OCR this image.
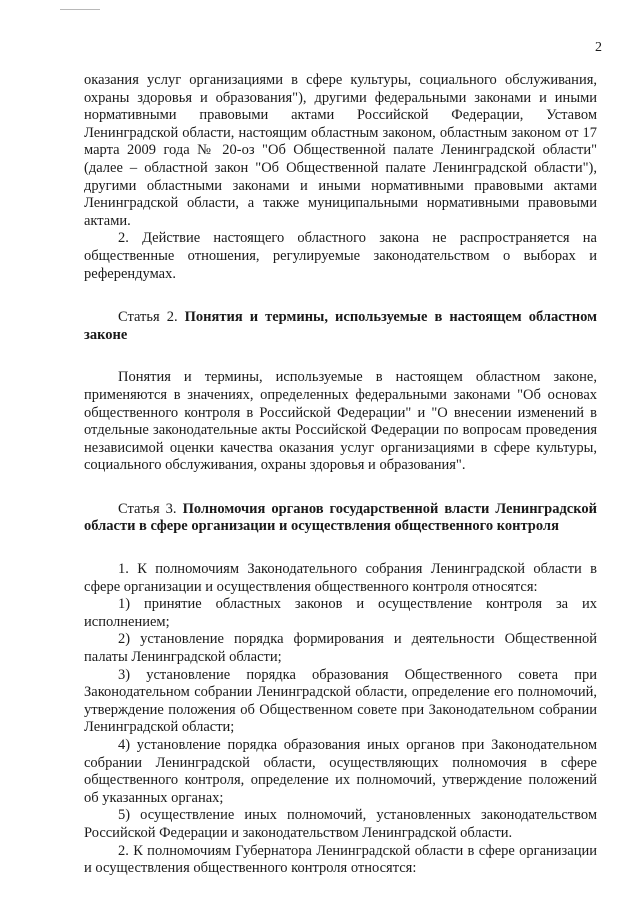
2

оказания услуг организациями в сфере культуры, социального обслуживания, охраны здоровья и образования"), другими федеральными законами и иными нормативными правовыми актами Российской Федерации, Уставом Ленинградской области, настоящим областным законом, областным законом от 17 марта 2009 года № 20-оз "Об Общественной палате Ленинградской области" (далее – областной закон "Об Общественной палате Ленинградской области"), другими областными законами и иными нормативными правовыми актами Ленинградской области, а также муниципальными нормативными правовыми актами.

2. Действие настоящего областного закона не распространяется на общественные отношения, регулируемые законодательством о выборах и референдумах.

Статья 2. Понятия и термины, используемые в настоящем областном законе

Понятия и термины, используемые в настоящем областном законе, применяются в значениях, определенных федеральными законами "Об основах общественного контроля в Российской Федерации" и "О внесении изменений в отдельные законодательные акты Российской Федерации по вопросам проведения независимой оценки качества оказания услуг организациями в сфере культуры, социального обслуживания, охраны здоровья и образования".

Статья 3. Полномочия органов государственной власти Ленинградской области в сфере организации и осуществления общественного контроля

1. К полномочиям Законодательного собрания Ленинградской области в сфере организации и осуществления общественного контроля относятся:

1) принятие областных законов и осуществление контроля за их исполнением;

2) установление порядка формирования и деятельности Общественной палаты Ленинградской области;

3) установление порядка образования Общественного совета при Законодательном собрании Ленинградской области, определение его полномочий, утверждение положения об Общественном совете при Законодательном собрании Ленинградской области;

4) установление порядка образования иных органов при Законодательном собрании Ленинградской области, осуществляющих полномочия в сфере общественного контроля, определение их полномочий, утверждение положений об указанных органах;

5) осуществление иных полномочий, установленных законодательством Российской Федерации и законодательством Ленинградской области.

2. К полномочиям Губернатора Ленинградской области в сфере организации и осуществления общественного контроля относятся:
